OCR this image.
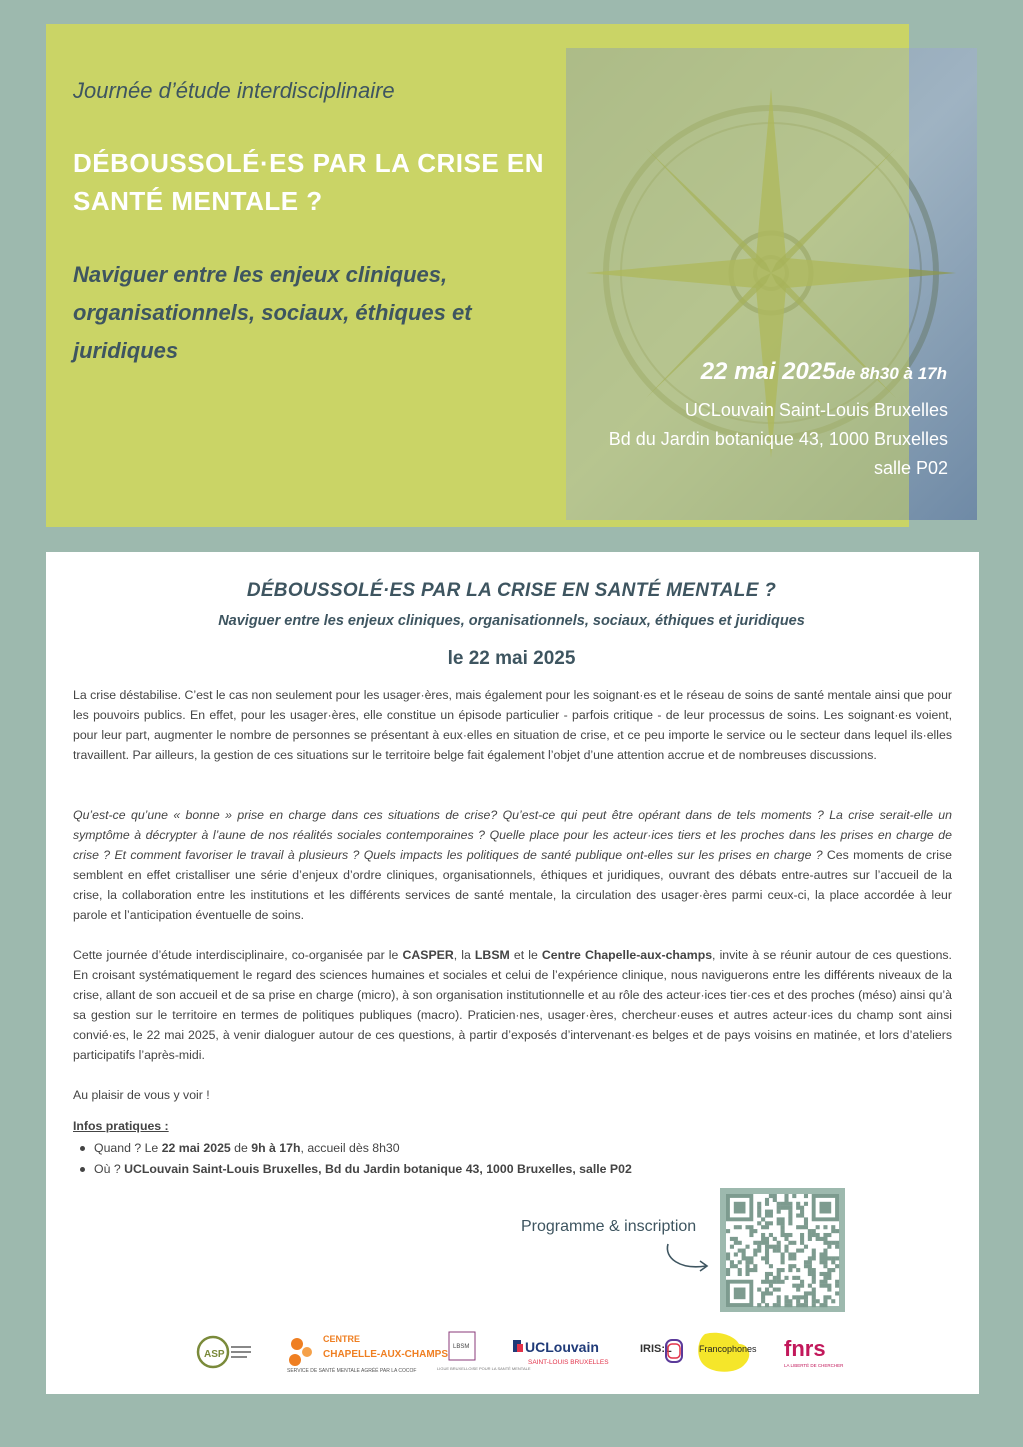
Journée d’étude interdisciplinaire
DÉBOUSSOLÉ·ES PAR LA CRISE EN
SANTÉ MENTALE ?
Naviguer entre les enjeux cliniques,
organisationnels, sociaux, éthiques et
juridiques
22 mai 2025de 8h30 à 17h
UCLouvain Saint-Louis Bruxelles
Bd du Jardin botanique 43, 1000 Bruxelles
salle P02
DÉBOUSSOLÉ·ES PAR LA CRISE EN SANTÉ MENTALE ?
Naviguer entre les enjeux cliniques, organisationnels, sociaux, éthiques et juridiques
le 22 mai 2025
La crise déstabilise. C’est le cas non seulement pour les usager·ères, mais également pour les soignant·es et le réseau de soins de santé mentale ainsi que pour les pouvoirs publics. En effet, pour les usager·ères, elle constitue un épisode particulier - parfois critique - de leur processus de soins. Les soignant·es voient, pour leur part, augmenter le nombre de personnes se présentant à eux·elles en situation de crise, et ce peu importe le service ou le secteur dans lequel ils·elles travaillent. Par ailleurs, la gestion de ces situations sur le territoire belge fait également l’objet d’une attention accrue et de nombreuses discussions.
Qu’est-ce qu’une « bonne » prise en charge dans ces situations de crise? Qu’est-ce qui peut être opérant dans de tels moments ? La crise serait-elle un symptôme à décrypter à l’aune de nos réalités sociales contemporaines ? Quelle place pour les acteur·ices tiers et les proches dans les prises en charge de crise ? Et comment favoriser le travail à plusieurs ? Quels impacts les politiques de santé publique ont-elles sur les prises en charge ? Ces moments de crise semblent en effet cristalliser une série d’enjeux d’ordre cliniques, organisationnels, éthiques et juridiques, ouvrant des débats entre-autres sur l’accueil de la crise, la collaboration entre les institutions et les différents services de santé mentale, la circulation des usager·ères parmi ceux-ci, la place accordée à leur parole et l’anticipation éventuelle de soins.
Cette journée d’étude interdisciplinaire, co-organisée par le CASPER, la LBSM et le Centre Chapelle-aux-champs, invite à se réunir autour de ces questions. En croisant systématiquement le regard des sciences humaines et sociales et celui de l’expérience clinique, nous naviguerons entre les différents niveaux de la crise, allant de son accueil et de sa prise en charge (micro), à son organisation institutionnelle et au rôle des acteur·ices tier·ces et des proches (méso) ainsi qu’à sa gestion sur le territoire en termes de politiques publiques (macro). Praticien·nes, usager·ères, chercheur·euses et autres acteur·ices du champ sont ainsi convié·es, le 22 mai 2025, à venir dialoguer autour de ces questions, à partir d’exposés d’intervenant·es belges et de pays voisins en matinée, et lors d’ateliers participatifs l’après-midi.
Au plaisir de vous y voir !
Infos pratiques :
Quand ? Le 22 mai 2025 de 9h à 17h, accueil dès 8h30
Où ? UCLouvain Saint-Louis Bruxelles, Bd du Jardin botanique 43, 1000 Bruxelles, salle P02
Programme & inscription
ASP
CENTRE
CHAPELLE-AUX-CHAMPS
SERVICE DE SANTÉ MENTALE AGRÉÉ PAR LA COCOF
LBSM
LIGUE BRUXELLOISE POUR LA SANTÉ MENTALE
UCLouvain
SAINT-LOUIS BRUXELLES
IRIS:L	Francophones fnrs
LA LIBERTÉ DE CHERCHER
